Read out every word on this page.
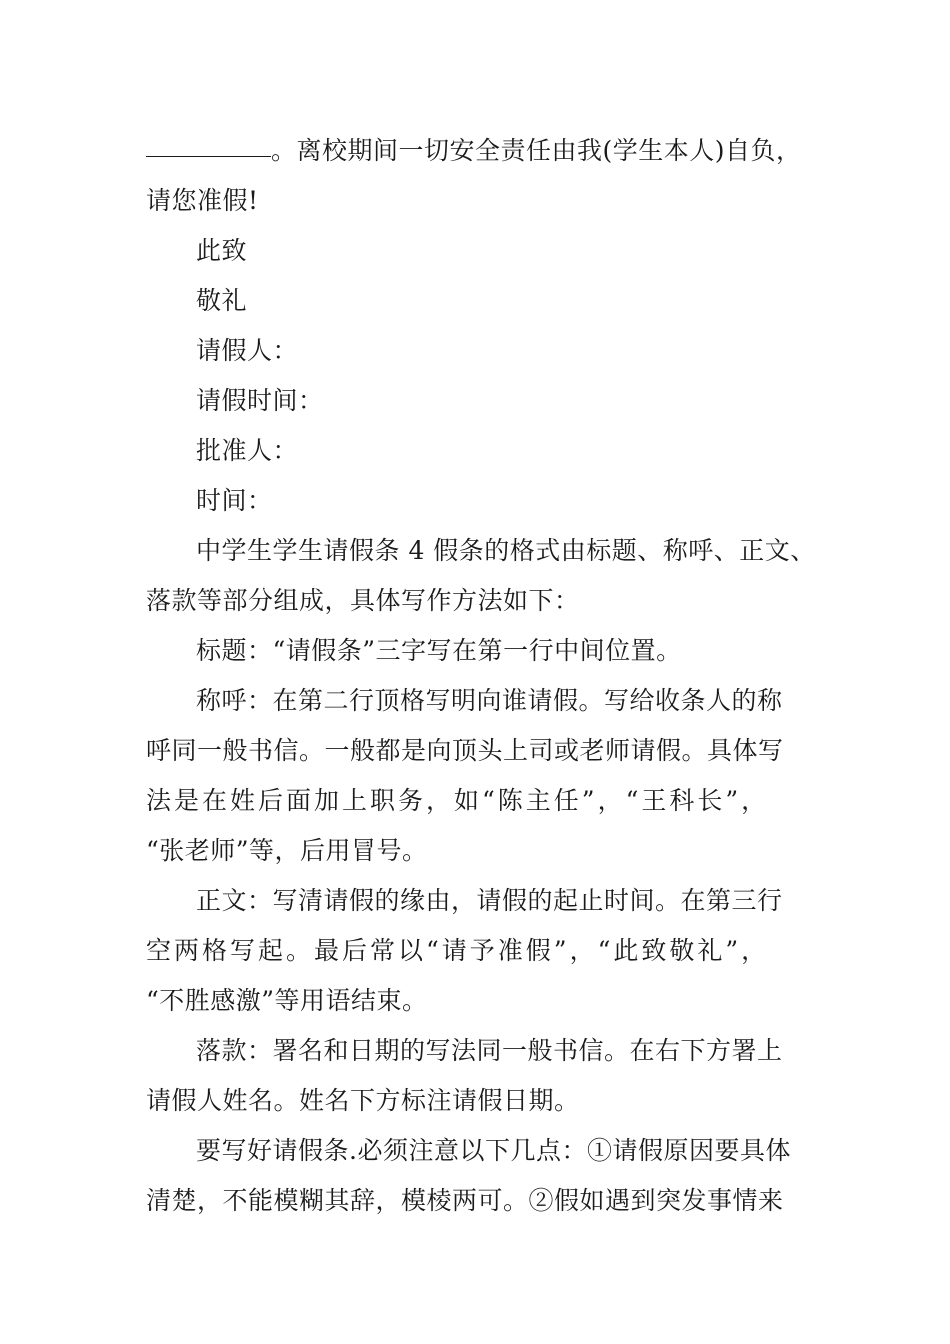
。离校期间一切安全责任由我(学生本人)自负，
请您准假!
此致
敬礼
请假人：
请假时间：
批准人：
时间：
中学生学生请假条 4 假条的格式由标题、称呼、正文、
落款等部分组成，具体写作方法如下：
标题：“请假条”三字写在第一行中间位置。
称呼：在第二行顶格写明向谁请假。写给收条人的称
呼同一般书信。一般都是向顶头上司或老师请假。具体写
法是在姓后面加上职务，如“陈主任”，“王科长”，
“张老师”等，后用冒号。
正文：写清请假的缘由，请假的起止时间。在第三行
空两格写起。最后常以“请予准假”，“此致敬礼”，
“不胜感激”等用语结束。
落款：署名和日期的写法同一般书信。在右下方署上
请假人姓名。姓名下方标注请假日期。
要写好请假条.必须注意以下几点：①请假原因要具体
清楚，不能模糊其辞，模棱两可。②假如遇到突发事情来
